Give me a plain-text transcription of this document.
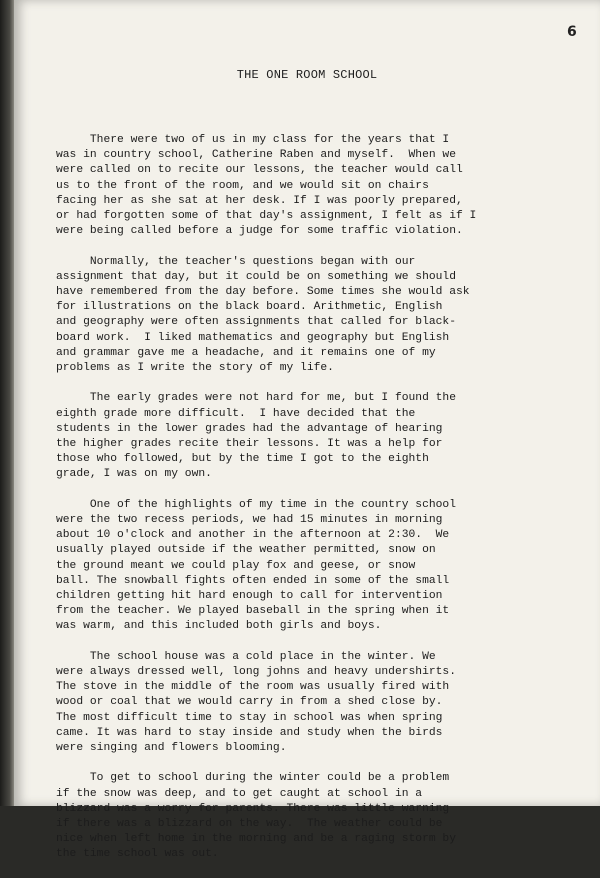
6
THE ONE ROOM SCHOOL

There were two of us in my class for the years that I
was in country school, Catherine Raben and myself.  When we
were called on to recite our lessons, the teacher would call
us to the front of the room, and we would sit on chairs
facing her as she sat at her desk. If I was poorly prepared,
or had forgotten some of that day's assignment, I felt as if I
were being called before a judge for some traffic violation.

Normally, the teacher's questions began with our
assignment that day, but it could be on something we should
have remembered from the day before. Some times she would ask
for illustrations on the black board. Arithmetic, English
and geography were often assignments that called for black-
board work.  I liked mathematics and geography but English
and grammar gave me a headache, and it remains one of my
problems as I write the story of my life.

The early grades were not hard for me, but I found the
eighth grade more difficult.  I have decided that the
students in the lower grades had the advantage of hearing
the higher grades recite their lessons. It was a help for
those who followed, but by the time I got to the eighth
grade, I was on my own.

One of the highlights of my time in the country school
were the two recess periods, we had 15 minutes in morning
about 10 o'clock and another in the afternoon at 2:30.  We
usually played outside if the weather permitted, snow on
the ground meant we could play fox and geese, or snow
ball. The snowball fights often ended in some of the small
children getting hit hard enough to call for intervention
from the teacher. We played baseball in the spring when it
was warm, and this included both girls and boys.

The school house was a cold place in the winter. We
were always dressed well, long johns and heavy undershirts.
The stove in the middle of the room was usually fired with
wood or coal that we would carry in from a shed close by.
The most difficult time to stay in school was when spring
came. It was hard to stay inside and study when the birds
were singing and flowers blooming.

To get to school during the winter could be a problem
if the snow was deep, and to get caught at school in a
blizzard was a worry for parents. There was little warning
if there was a blizzard on the way.  The weather could be
nice when left home in the morning and be a raging storm by
the time school was out.
